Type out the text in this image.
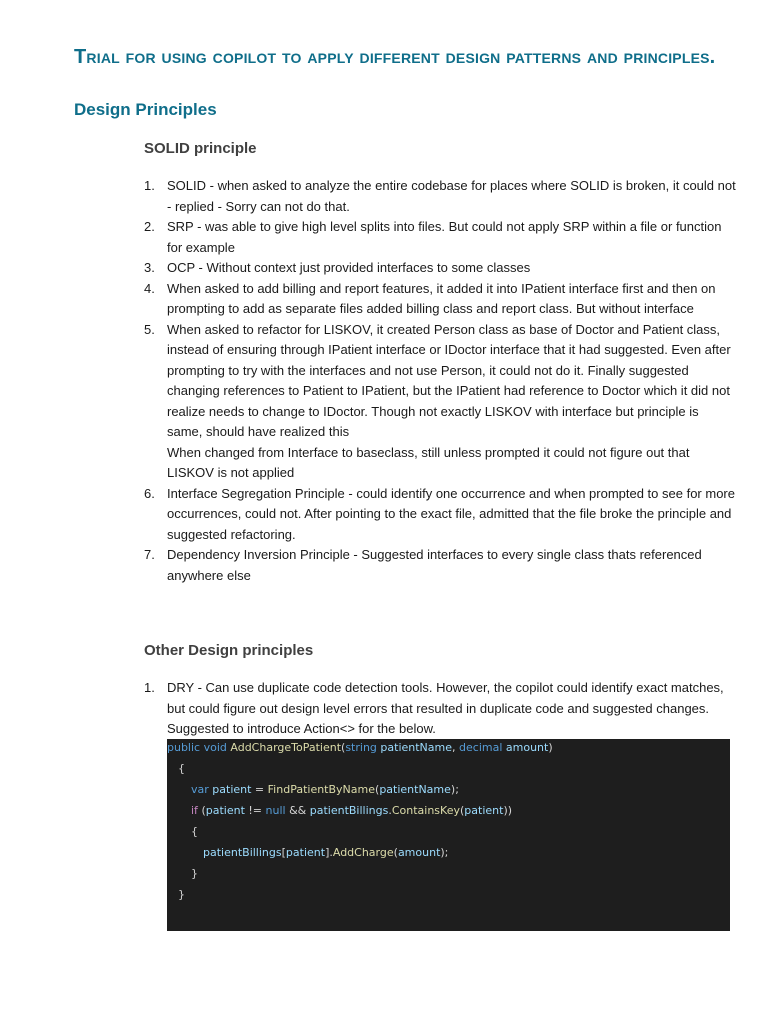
Trial for using copilot to apply different design patterns and principles.
Design Principles
SOLID principle
1. SOLID - when asked to analyze the entire codebase for places where SOLID is broken, it could not - replied - Sorry can not do that.
2. SRP - was able to give high level splits into files. But could not apply SRP within a file or function for example
3. OCP - Without context just provided interfaces to some classes
4. When asked to add billing and report features, it added it into IPatient interface first and then on prompting to add as separate files added billing class and report class. But without interface
5. When asked to refactor for LISKOV, it created Person class as base of Doctor and Patient class, instead of ensuring through IPatient interface or IDoctor interface that it had suggested. Even after prompting to try with the interfaces and not use Person, it could not do it. Finally suggested changing references to Patient to IPatient, but the IPatient had reference to Doctor which it did not realize needs to change to IDoctor. Though not exactly LISKOV with interface but principle is same, should have realized this
When changed from Interface to baseclass, still unless prompted it could not figure out that LISKOV is not applied
6. Interface Segregation Principle - could identify one occurrence and when prompted to see for more occurrences, could not. After pointing to the exact file, admitted that the file broke the principle and suggested refactoring.
7. Dependency Inversion Principle - Suggested interfaces to every single class thats referenced anywhere else
Other Design principles
1. DRY - Can use duplicate code detection tools. However, the copilot could identify exact matches, but could figure out design level errors that resulted in duplicate code and suggested changes. Suggested to introduce Action<> for the below.
public void AddChargeToPatient(string patientName, decimal amount)
{
var patient = FindPatientByName(patientName);
if (patient != null && patientBillings.ContainsKey(patient))
{
patientBillings[patient].AddCharge(amount);
}
}
